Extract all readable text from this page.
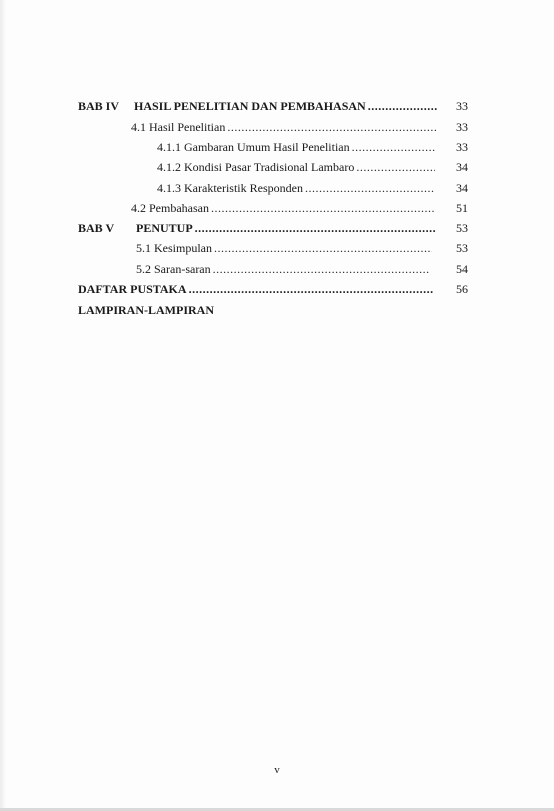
BAB IV HASIL PENELITIAN DAN PEMBAHASAN .....	33
4.1 Hasil Penelitian .....	33
4.1.1 Gambaran Umum Hasil Penelitian .....	33
4.1.2 Kondisi Pasar Tradisional Lambaro .....	34
4.1.3 Karakteristik Responden .....	34
4.2 Pembahasan .....	51
BAB V PENUTUP .....	53
5.1 Kesimpulan .....	53
5.2 Saran-saran .....	54
DAFTAR PUSTAKA .....	56
LAMPIRAN-LAMPIRAN
v
